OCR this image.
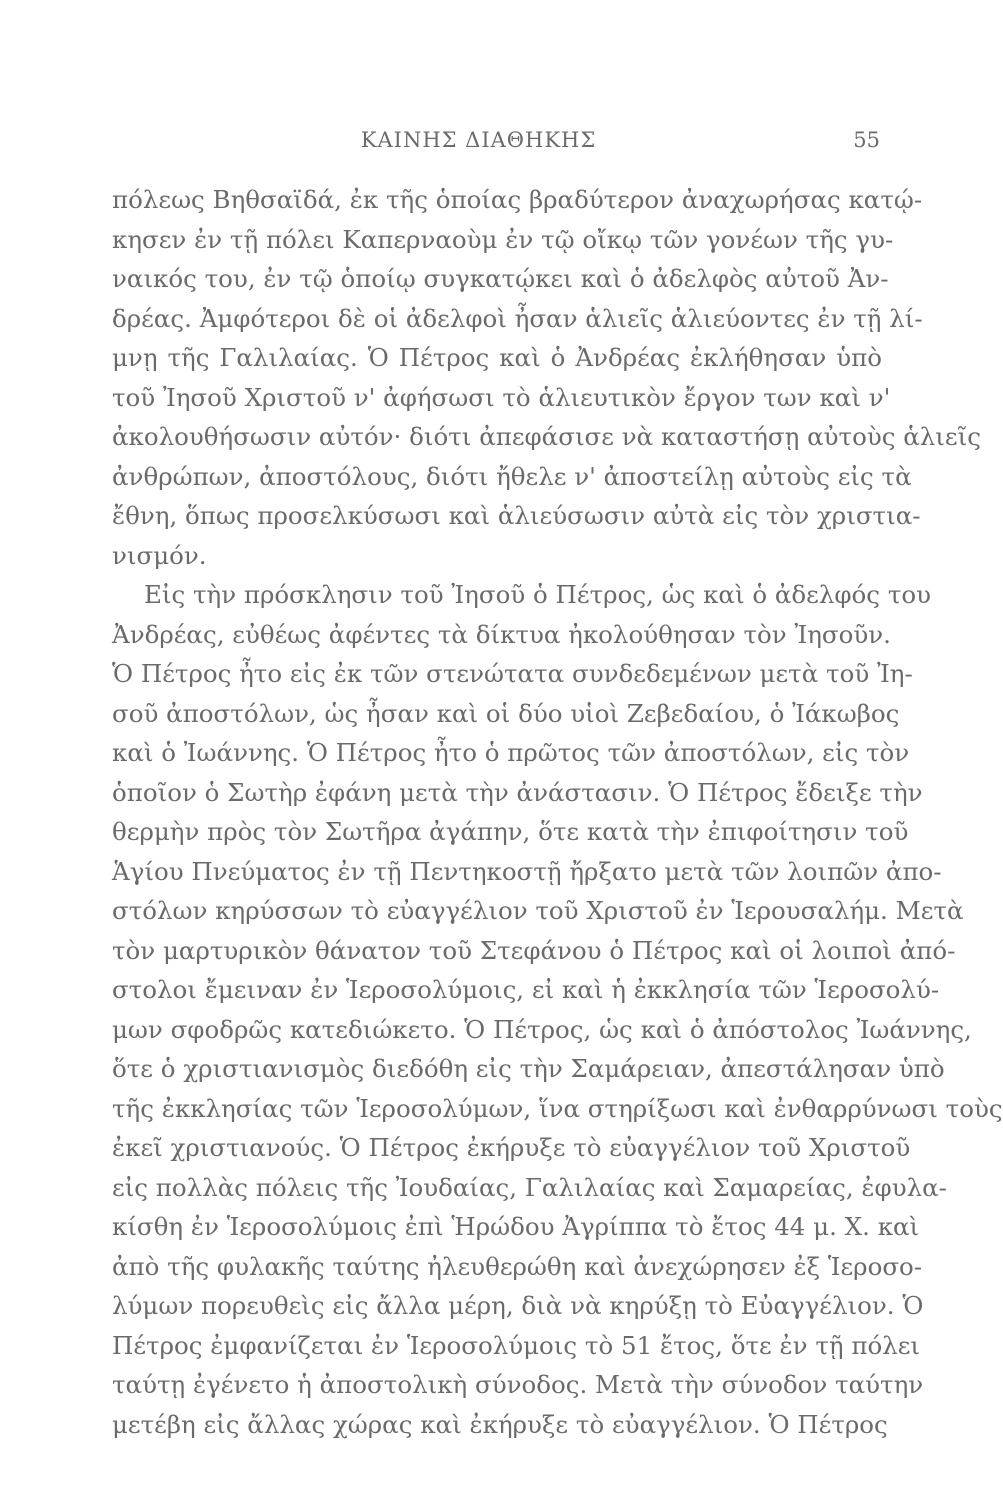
ΚΑΙΝΗΣ ΔΙΑΘΗΚΗΣ	55
πόλεως Βηθσαϊδά, ἐκ τῆς ὁποίας βραδύτερον ἀναχωρήσας κατῴ-
κησεν ἐν τῇ πόλει Καπερναοὺμ ἐν τῷ οἴκῳ τῶν γονέων τῆς γυ-
ναικός του, ἐν τῷ ὁποίῳ συγκατῴκει καὶ ὁ ἀδελφὸς αὐτοῦ Ἀν-
δρέας. Ἀμφότεροι δὲ οἱ ἀδελφοὶ ἦσαν ἁλιεῖς ἁλιεύοντες ἐν τῇ λί-
μνῃ τῆς Γαλιλαίας. Ὁ Πέτρος καὶ ὁ Ἀνδρέας ἐκλήθησαν ὑπὸ
τοῦ Ἰησοῦ Χριστοῦ ν' ἀφήσωσι τὸ ἁλιευτικὸν ἔργον των καὶ ν'
ἀκολουθήσωσιν αὐτόν· διότι ἀπεφάσισε νὰ καταστήσῃ αὐτοὺς ἁλιεῖς
ἀνθρώπων, ἀποστόλους, διότι ἤθελε ν' ἀποστείλῃ αὐτοὺς εἰς τὰ
ἔθνη, ὅπως προσελκύσωσι καὶ ἁλιεύσωσιν αὐτὰ εἰς τὸν χριστια-
νισμόν.
Εἰς τὴν πρόσκλησιν τοῦ Ἰησοῦ ὁ Πέτρος, ὡς καὶ ὁ ἀδελφός του
Ἀνδρέας, εὐθέως ἀφέντες τὰ δίκτυα ἠκολούθησαν τὸν Ἰησοῦν.
Ὁ Πέτρος ἦτο εἰς ἐκ τῶν στενώτατα συνδεδεμένων μετὰ τοῦ Ἰη-
σοῦ ἀποστόλων, ὡς ἦσαν καὶ οἱ δύο υἱοὶ Ζεβεδαίου, ὁ Ἰάκωβος
καὶ ὁ Ἰωάννης. Ὁ Πέτρος ἦτο ὁ πρῶτος τῶν ἀποστόλων, εἰς τὸν
ὁποῖον ὁ Σωτὴρ ἐφάνη μετὰ τὴν ἀνάστασιν. Ὁ Πέτρος ἔδειξε τὴν
θερμὴν πρὸς τὸν Σωτῆρα ἀγάπην, ὅτε κατὰ τὴν ἐπιφοίτησιν τοῦ
Ἁγίου Πνεύματος ἐν τῇ Πεντηκοστῇ ἤρξατο μετὰ τῶν λοιπῶν ἀπο-
στόλων κηρύσσων τὸ εὐαγγέλιον τοῦ Χριστοῦ ἐν Ἱερουσαλήμ. Μετὰ
τὸν μαρτυρικὸν θάνατον τοῦ Στεφάνου ὁ Πέτρος καὶ οἱ λοιποὶ ἀπό-
στολοι ἔμειναν ἐν Ἱεροσολύμοις, εἰ καὶ ἡ ἐκκλησία τῶν Ἱεροσολύ-
μων σφοδρῶς κατεδιώκετο. Ὁ Πέτρος, ὡς καὶ ὁ ἀπόστολος Ἰωάννης,
ὅτε ὁ χριστιανισμὸς διεδόθη εἰς τὴν Σαμάρειαν, ἀπεστάλησαν ὑπὸ
τῆς ἐκκλησίας τῶν Ἱεροσολύμων, ἵνα στηρίξωσι καὶ ἐνθαρρύνωσι τοὺς
ἐκεῖ χριστιανούς. Ὁ Πέτρος ἐκήρυξε τὸ εὐαγγέλιον τοῦ Χριστοῦ
εἰς πολλὰς πόλεις τῆς Ἰουδαίας, Γαλιλαίας καὶ Σαμαρείας, ἐφυλα-
κίσθη ἐν Ἱεροσολύμοις ἐπὶ Ἡρώδου Ἀγρίππα τὸ ἔτος 44 μ. Χ. καὶ
ἀπὸ τῆς φυλακῆς ταύτης ἠλευθερώθη καὶ ἀνεχώρησεν ἐξ Ἱεροσο-
λύμων πορευθεὶς εἰς ἄλλα μέρη, διὰ νὰ κηρύξῃ τὸ Εὐαγγέλιον. Ὁ
Πέτρος ἐμφανίζεται ἐν Ἱεροσολύμοις τὸ 51 ἔτος, ὅτε ἐν τῇ πόλει
ταύτῃ ἐγένετο ἡ ἀποστολικὴ σύνοδος. Μετὰ τὴν σύνοδον ταύτην
μετέβη εἰς ἄλλας χώρας καὶ ἐκήρυξε τὸ εὐαγγέλιον. Ὁ Πέτρος
